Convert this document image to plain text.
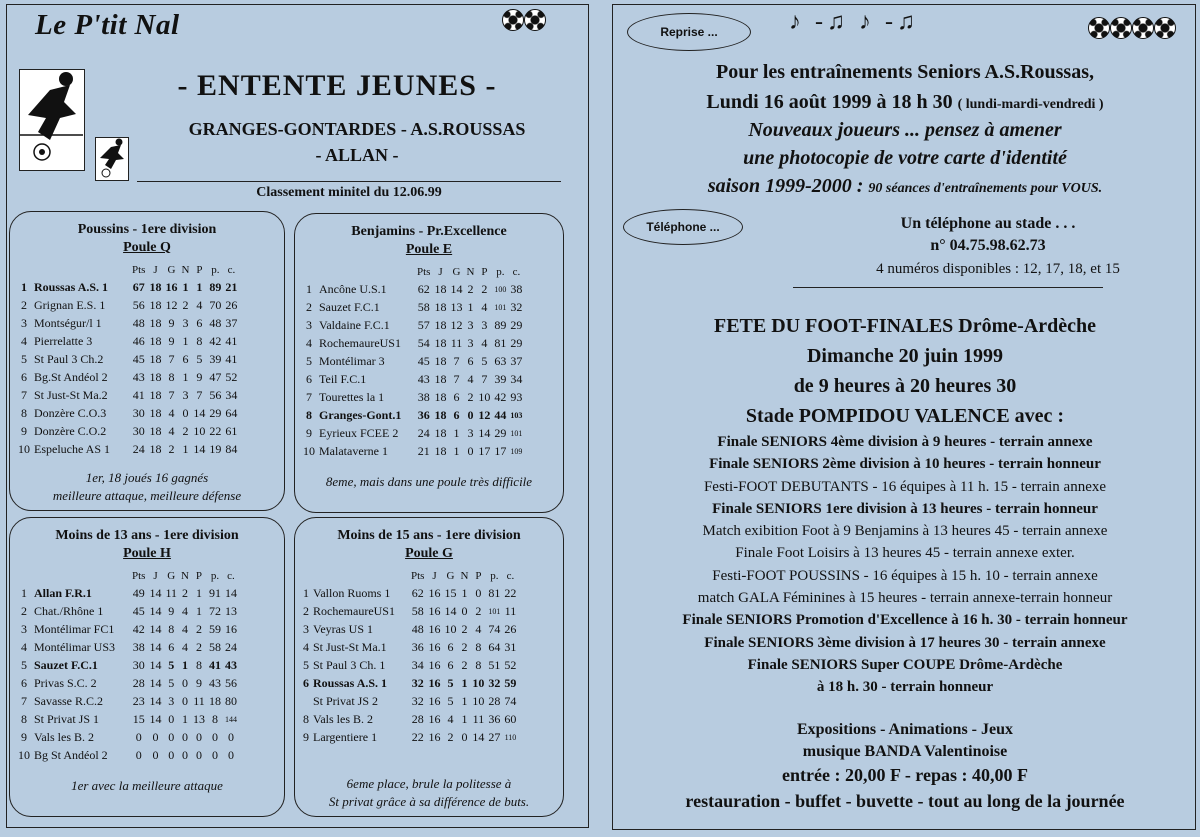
Le P'tit Nal
- ENTENTE JEUNES -
GRANGES-GONTARDES - A.S.ROUSSAS
- ALLAN -
Classement minitel du 12.06.99
Poussins - 1ere division
Poule Q
		Pts	J	G	N	P	p.	c.
1	Roussas A.S. 1	67	18	16	1	1	89	21
2	Grignan E.S. 1	56	18	12	2	4	70	26
3	Montségur/l 1	48	18	9	3	6	48	37
4	Pierrelatte 3	46	18	9	1	8	42	41
5	St Paul 3 Ch.2	45	18	7	6	5	39	41
6	Bg.St Andéol 2	43	18	8	1	9	47	52
7	St Just-St Ma.2	41	18	7	3	7	56	34
8	Donzère C.O.3	30	18	4	0	14	29	64
9	Donzère C.O.2	30	18	4	2	10	22	61
10	Espeluche AS 1	24	18	2	1	14	19	84
1er, 18 joués 16 gagnés
meilleure attaque, meilleure défense
Benjamins - Pr.Excellence
Poule E
		Pts	J	G	N	P	p.	c.
1	Ancône U.S.1	62	18	14	2	2	100	38
2	Sauzet F.C.1	58	18	13	1	4	101	32
3	Valdaine F.C.1	57	18	12	3	3	89	29
4	RochemaureUS1	54	18	11	3	4	81	29
5	Montélimar 3	45	18	7	6	5	63	37
6	Teil F.C.1	43	18	7	4	7	39	34
7	Tourettes la 1	38	18	6	2	10	42	93
8	Granges-Gont.1	36	18	6	0	12	44	103
9	Eyrieux FCEE 2	24	18	1	3	14	29	101
10	Malataverne 1	21	18	1	0	17	17	109
8eme, mais dans une poule très difficile
Moins de 13 ans - 1ere division
Poule H
		Pts	J	G	N	P	p.	c.
1	Allan F.R.1	49	14	11	2	1	91	14
2	Chat./Rhône 1	45	14	9	4	1	72	13
3	Montélimar FC1	42	14	8	4	2	59	16
4	Montélimar US3	38	14	6	4	2	58	24
5	Sauzet F.C.1	30	14	5	1	8	41	43
6	Privas S.C. 2	28	14	5	0	9	43	56
7	Savasse R.C.2	23	14	3	0	11	18	80
8	St Privat JS 1	15	14	0	1	13	8	144
9	Vals les B. 2	0	0	0	0	0	0	0
10	Bg St Andéol 2	0	0	0	0	0	0	0
1er avec la meilleure attaque
Moins de 15 ans - 1ere division
Poule G
		Pts	J	G	N	P	p.	c.
1	Vallon Ruoms 1	62	16	15	1	0	81	22
2	RochemaureUS1	58	16	14	0	2	101	11
3	Veyras US 1	48	16	10	2	4	74	26
4	St Just-St Ma.1	36	16	6	2	8	64	31
5	St Paul 3 Ch. 1	34	16	6	2	8	51	52
6	Roussas A.S. 1	32	16	5	1	10	32	59
	St Privat JS 2	32	16	5	1	10	28	74
8	Vals les B. 2	28	16	4	1	11	36	60
9	Largentiere 1	22	16	2	0	14	27	110
6eme place, brule la politesse à
St privat grâce à sa différence de buts.
Reprise ...	♪ -♫ ♪ -♫
Pour les entraînements Seniors A.S.Roussas,
Lundi 16 août 1999 à 18 h 30 ( lundi-mardi-vendredi )
Nouveaux joueurs ... pensez à amener
une photocopie de votre carte d'identité
saison 1999-2000 : 90 séances d'entraînements pour VOUS.
Téléphone ...	Un téléphone au stade . . .
n° 04.75.98.62.73
4 numéros disponibles : 12, 17, 18, et 15
FETE DU FOOT-FINALES Drôme-Ardèche
Dimanche 20 juin 1999
de 9 heures à 20 heures 30
Stade POMPIDOU VALENCE avec :
Finale SENIORS 4ème division à 9 heures - terrain annexe
Finale SENIORS 2ème division à 10 heures - terrain honneur
Festi-FOOT DEBUTANTS - 16 équipes à 11 h. 15 - terrain annexe
Finale SENIORS 1ere division à 13 heures - terrain honneur
Match exibition Foot à 9 Benjamins à 13 heures 45 - terrain annexe
Finale Foot Loisirs à 13 heures 45 - terrain annexe exter.
Festi-FOOT POUSSINS - 16 équipes à 15 h. 10 - terrain annexe
match GALA Féminines à 15 heures - terrain annexe-terrain honneur
Finale SENIORS Promotion d'Excellence à 16 h. 30 - terrain honneur
Finale SENIORS 3ème division à 17 heures 30 - terrain annexe
Finale SENIORS Super COUPE Drôme-Ardèche
à 18 h. 30 - terrain honneur
Expositions - Animations - Jeux
musique BANDA Valentinoise
entrée : 20,00 F - repas : 40,00 F
restauration - buffet - buvette - tout au long de la journée
